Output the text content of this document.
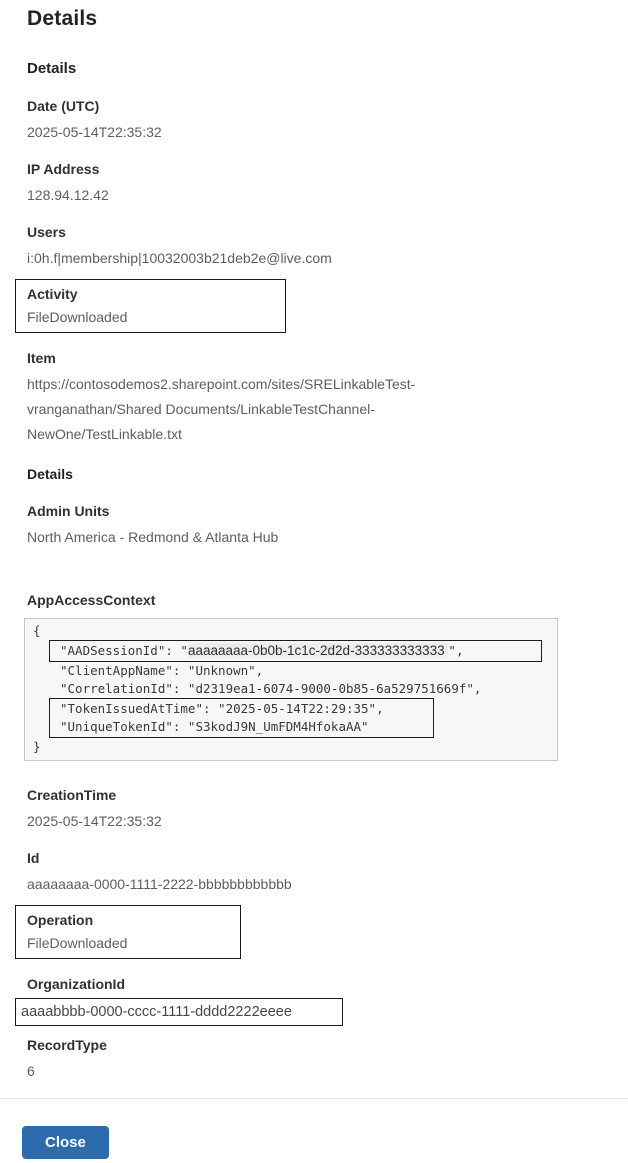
Details
Details
Date (UTC)
2025-05-14T22:35:32
IP Address
128.94.12.42
Users
i:0h.f|membership|10032003b21deb2e@live.com
Activity
FileDownloaded
Item
https://contosodemos2.sharepoint.com/sites/SRELinkableTest-vranganathan/Shared Documents/LinkableTestChannel-NewOne/TestLinkable.txt
Details
Admin Units
North America - Redmond & Atlanta Hub
AppAccessContext
{
"AADSessionId": "aaaaaaaa-0b0b-1c1c-2d2d-333333333333 ",
"ClientAppName": "Unknown",
"CorrelationId": "d2319ea1-6074-9000-0b85-6a529751669f",
"TokenIssuedAtTime": "2025-05-14T22:29:35",
"UniqueTokenId": "S3kodJ9N_UmFDM4HfokaAA"
}
CreationTime
2025-05-14T22:35:32
Id
aaaaaaaa-0000-1111-2222-bbbbbbbbbbbb
Operation
FileDownloaded
OrganizationId
aaaabbbb-0000-cccc-1111-dddd2222eeee
RecordType
6
Close
